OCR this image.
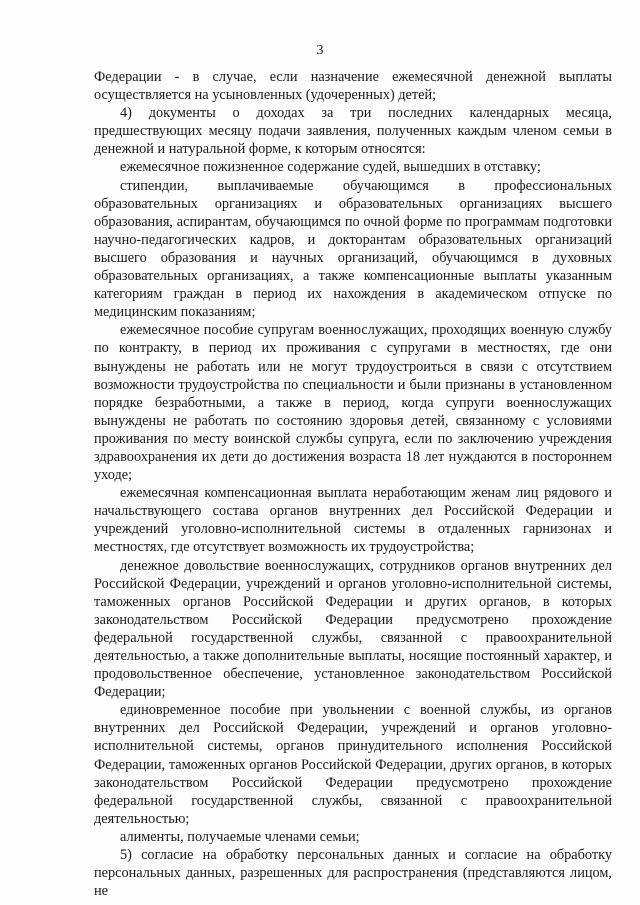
3

Федерации - в случае, если назначение ежемесячной денежной выплаты осуществляется на усыновленных (удочеренных) детей;

4) документы о доходах за три последних календарных месяца, предшествующих месяцу подачи заявления, полученных каждым членом семьи в денежной и натуральной форме, к которым относятся:

ежемесячное пожизненное содержание судей, вышедших в отставку;

стипендии, выплачиваемые обучающимся в профессиональных образовательных организациях и образовательных организациях высшего образования, аспирантам, обучающимся по очной форме по программам подготовки научно-педагогических кадров, и докторантам образовательных организаций высшего образования и научных организаций, обучающимся в духовных образовательных организациях, а также компенсационные выплаты указанным категориям граждан в период их нахождения в академическом отпуске по медицинским показаниям;

ежемесячное пособие супругам военнослужащих, проходящих военную службу по контракту, в период их проживания с супругами в местностях, где они вынуждены не работать или не могут трудоустроиться в связи с отсутствием возможности трудоустройства по специальности и были признаны в установленном порядке безработными, а также в период, когда супруги военнослужащих вынуждены не работать по состоянию здоровья детей, связанному с условиями проживания по месту воинской службы супруга, если по заключению учреждения здравоохранения их дети до достижения возраста 18 лет нуждаются в постороннем уходе;

ежемесячная компенсационная выплата неработающим женам лиц рядового и начальствующего состава органов внутренних дел Российской Федерации и учреждений уголовно-исполнительной системы в отдаленных гарнизонах и местностях, где отсутствует возможность их трудоустройства;

денежное довольствие военнослужащих, сотрудников органов внутренних дел Российской Федерации, учреждений и органов уголовно-исполнительной системы, таможенных органов Российской Федерации и других органов, в которых законодательством Российской Федерации предусмотрено прохождение федеральной государственной службы, связанной с правоохранительной деятельностью, а также дополнительные выплаты, носящие постоянный характер, и продовольственное обеспечение, установленное законодательством Российской Федерации;

единовременное пособие при увольнении с военной службы, из органов внутренних дел Российской Федерации, учреждений и органов уголовно-исполнительной системы, органов принудительного исполнения Российской Федерации, таможенных органов Российской Федерации, других органов, в которых законодательством Российской Федерации предусмотрено прохождение федеральной государственной службы, связанной с правоохранительной деятельностью;

алименты, получаемые членами семьи;

5) согласие на обработку персональных данных и согласие на обработку персональных данных, разрешенных для распространения (представляются лицом, не
